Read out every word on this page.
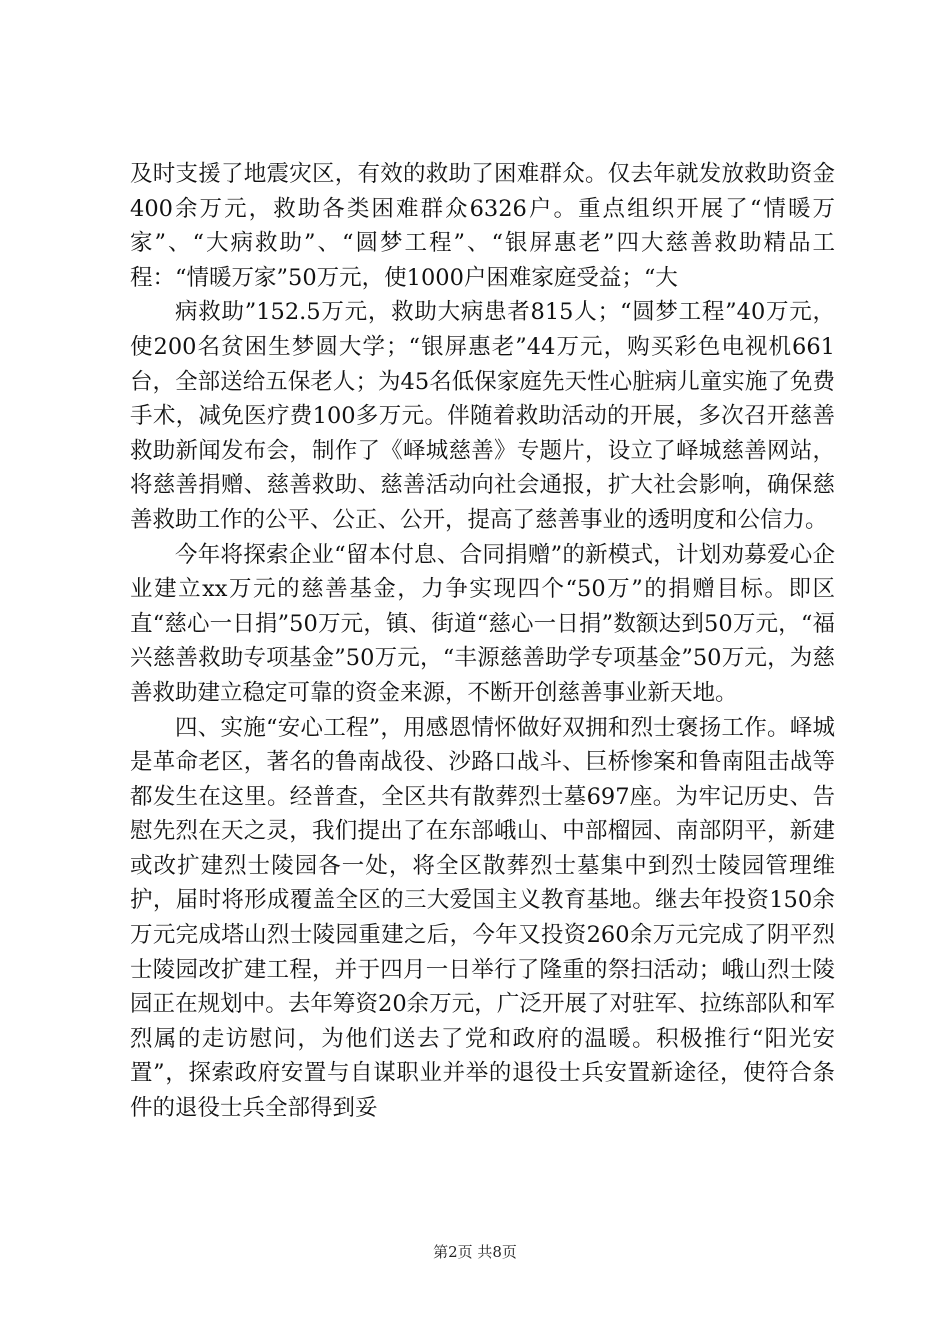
及时支援了地震灾区，有效的救助了困难群众。仅去年就发放救助资金400余万元，救助各类困难群众6326户。重点组织开展了“情暖万家”、“大病救助”、“圆梦工程”、“银屏惠老”四大慈善救助精品工程：“情暖万家”50万元，使1000户困难家庭受益；“大

病救助”152.5万元，救助大病患者815人；“圆梦工程”40万元，使200名贫困生梦圆大学；“银屏惠老”44万元，购买彩色电视机661台，全部送给五保老人；为45名低保家庭先天性心脏病儿童实施了免费手术，减免医疗费100多万元。伴随着救助活动的开展，多次召开慈善救助新闻发布会，制作了《峄城慈善》专题片，设立了峄城慈善网站，将慈善捐赠、慈善救助、慈善活动向社会通报，扩大社会影响，确保慈善救助工作的公平、公正、公开，提高了慈善事业的透明度和公信力。

今年将探索企业“留本付息、合同捐赠”的新模式，计划劝募爱心企业建立xx万元的慈善基金，力争实现四个“50万”的捐赠目标。即区直“慈心一日捐”50万元，镇、街道“慈心一日捐”数额达到50万元，“福兴慈善救助专项基金”50万元，“丰源慈善助学专项基金”50万元，为慈善救助建立稳定可靠的资金来源，不断开创慈善事业新天地。

四、实施“安心工程”，用感恩情怀做好双拥和烈士褒扬工作。峄城是革命老区，著名的鲁南战役、沙路口战斗、巨桥惨案和鲁南阻击战等都发生在这里。经普查，全区共有散葬烈士墓697座。为牢记历史、告慰先烈在天之灵，我们提出了在东部峨山、中部榴园、南部阴平，新建或改扩建烈士陵园各一处，将全区散葬烈士墓集中到烈士陵园管理维护，届时将形成覆盖全区的三大爱国主义教育基地。继去年投资150余万元完成塔山烈士陵园重建之后，今年又投资260余万元完成了阴平烈士陵园改扩建工程，并于四月一日举行了隆重的祭扫活动；峨山烈士陵园正在规划中。去年筹资20余万元，广泛开展了对驻军、拉练部队和军烈属的走访慰问，为他们送去了党和政府的温暖。积极推行“阳光安置”，探索政府安置与自谋职业并举的退役士兵安置新途径，使符合条件的退役士兵全部得到妥

第2页 共8页
